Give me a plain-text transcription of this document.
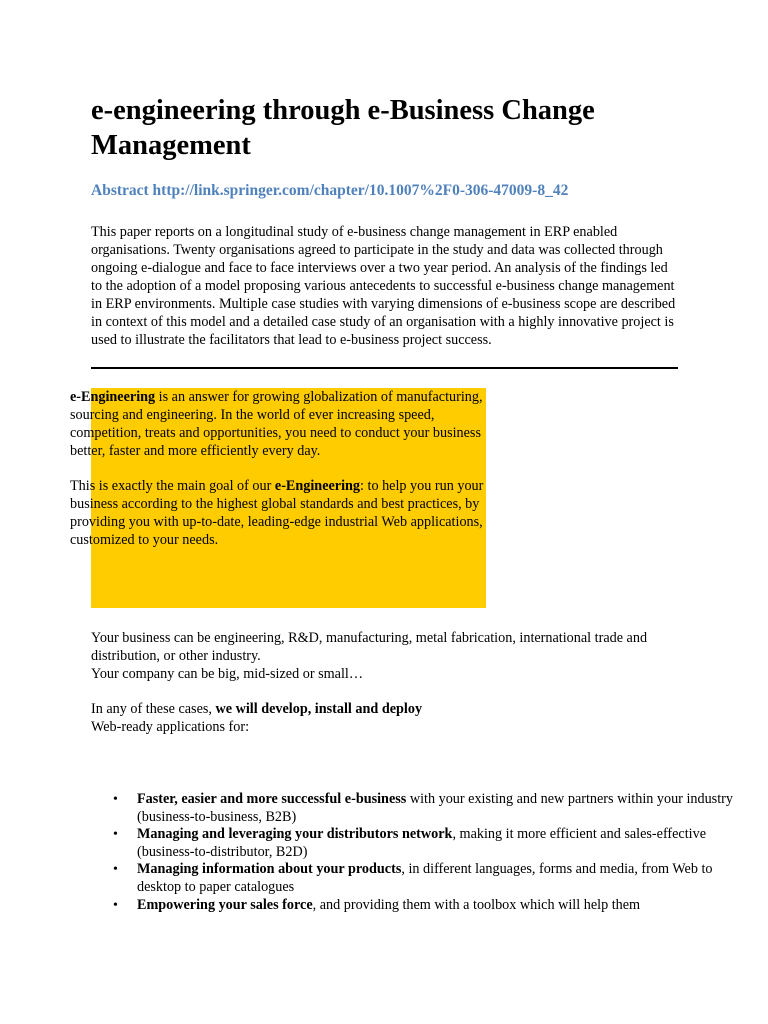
e-engineering through e-Business Change Management
Abstract http://link.springer.com/chapter/10.1007%2F0-306-47009-8_42
This paper reports on a longitudinal study of e-business change management in ERP enabled organisations. Twenty organisations agreed to participate in the study and data was collected through ongoing e-dialogue and face to face interviews over a two year period. An analysis of the findings led to the adoption of a model proposing various antecedents to successful e-business change management in ERP environments. Multiple case studies with varying dimensions of e-business scope are described in context of this model and a detailed case study of an organisation with a highly innovative project is used to illustrate the facilitators that lead to e-business project success.

e-Engineering is an answer for growing globalization of manufacturing, sourcing and engineering. In the world of ever increasing speed, competition, treats and opportunities, you need to conduct your business better, faster and more efficiently every day.

This is exactly the main goal of our e-Engineering: to help you run your business according to the highest global standards and best practices, by providing you with up-to-date, leading-edge industrial Web applications, customized to your needs.

Your business can be engineering, R&D, manufacturing, metal fabrication, international trade and distribution, or other industry.

Your company can be big, mid-sized or small…

In any of these cases, we will develop, install and deploy

Web-ready applications for:

• Faster, easier and more successful e-business with your existing and new partners within your industry (business-to-business, B2B)
• Managing and leveraging your distributors network, making it more efficient and sales-effective (business-to-distributor, B2D)
• Managing information about your products, in different languages, forms and media, from Web to desktop to paper catalogues
• Empowering your sales force, and providing them with a toolbox which will help them
